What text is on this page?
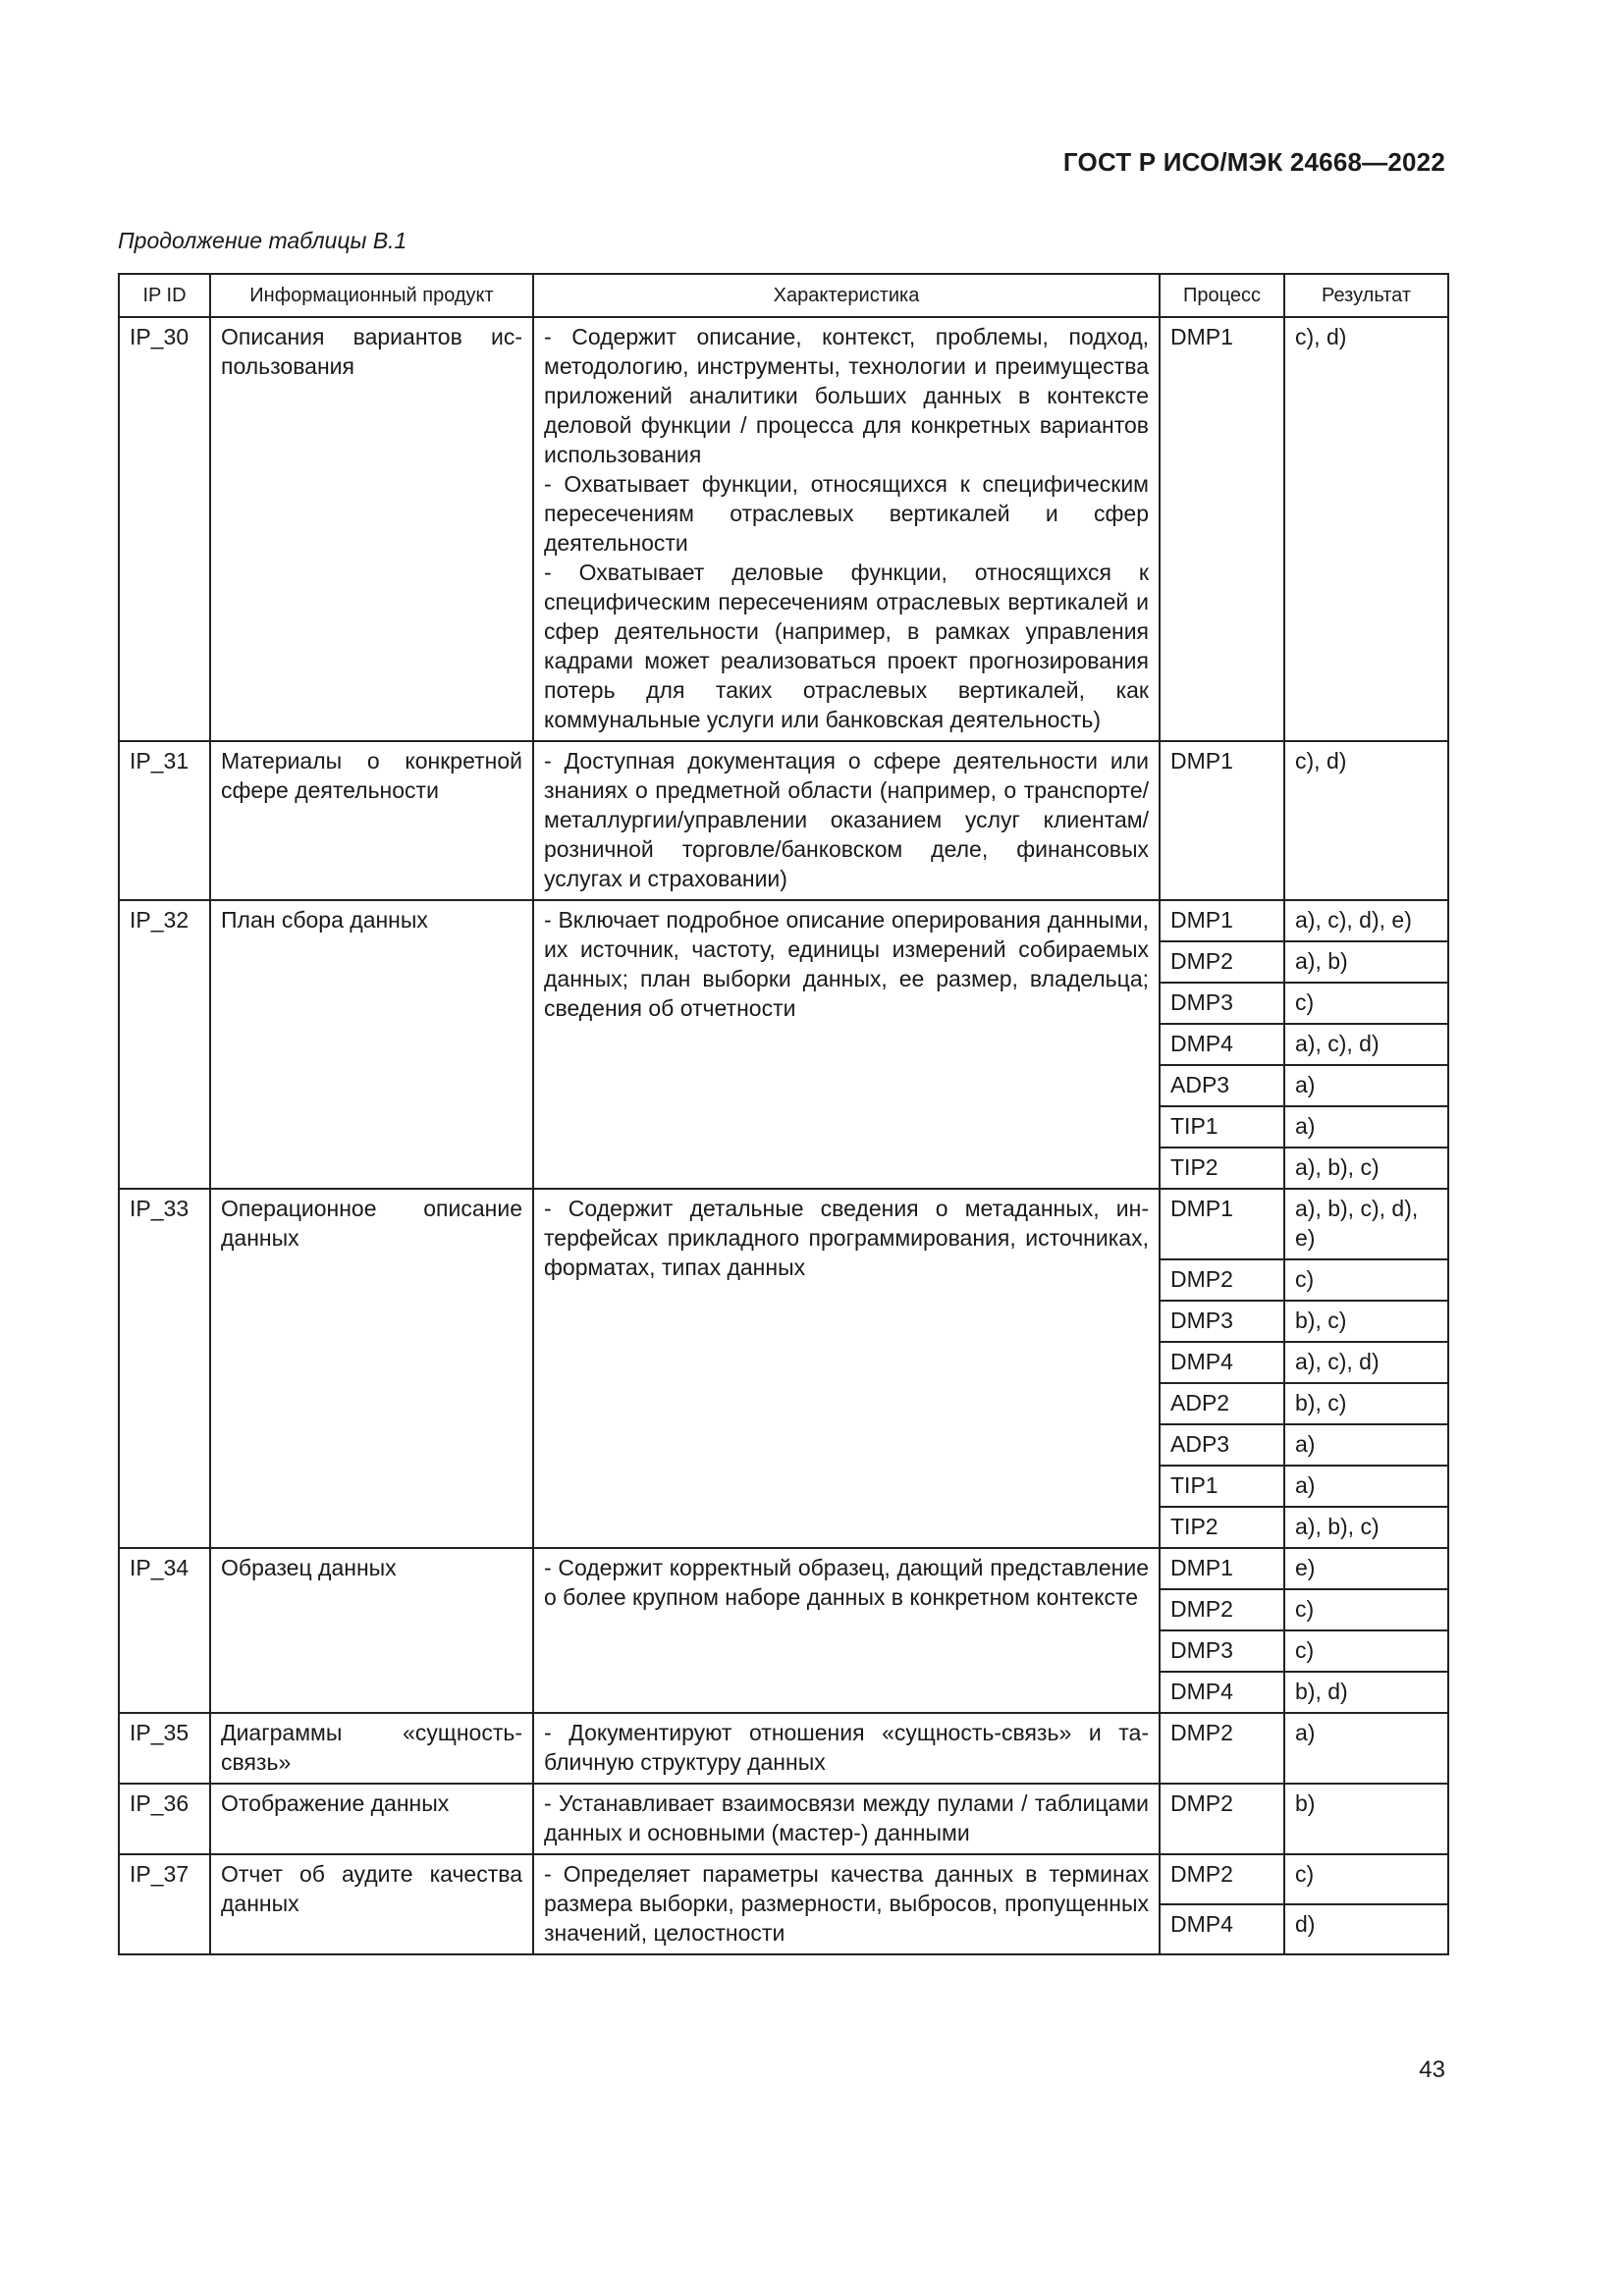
ГОСТ Р ИСО/МЭК 24668—2022
Продолжение таблицы B.1
IP ID	Информационный продукт	Характеристика	Процесс	Результат
IP_30	Описания вариантов использования	- Содержит описание, контекст, проблемы, подход, методологию, инструменты, технологии и преимущества приложений аналитики больших данных в контексте деловой функции / процесса для конкретных вариантов использования
- Охватывает функции, относящихся к специфическим пересечениям отраслевых вертикалей и сфер деятельности
- Охватывает деловые функции, относящихся к специфическим пересечениям отраслевых вертикалей и сфер деятельности (например, в рамках управления кадрами может реализоваться проект прогнозирования потерь для таких отраслевых вертикалей, как коммунальные услуги или банковская деятельность)	DMP1	c), d)
IP_31	Материалы о конкретной сфере деятельности	- Доступная документация о сфере деятельности или знаниях о предметной области (например, о транспорте/металлургии/управлении оказанием услуг клиентам/розничной торговле/банковском деле, финансовых услугах и страховании)	DMP1	c), d)
IP_32	План сбора данных	- Включает подробное описание оперирования данными, их источник, частоту, единицы измерений собираемых данных; план выборки данных, ее размер, владельца; сведения об отчетности	DMP1	a), c), d), e)
			DMP2	a), b)
			DMP3	c)
			DMP4	a), c), d)
			ADP3	a)
			TIP1	a)
			TIP2	a), b), c)
IP_33	Операционное описание данных	- Содержит детальные сведения о метаданных, интерфейсах прикладного программирования, источниках, форматах, типах данных	DMP1	a), b), c), d), e)
			DMP2	c)
			DMP3	b), c)
			DMP4	a), c), d)
			ADP2	b), c)
			ADP3	a)
			TIP1	a)
			TIP2	a), b), c)
IP_34	Образец данных	- Содержит корректный образец, дающий представление о более крупном наборе данных в конкретном контексте	DMP1	e)
			DMP2	c)
			DMP3	c)
			DMP4	b), d)
IP_35	Диаграммы «сущность-связь»	- Документируют отношения «сущность-связь» и табличную структуру данных	DMP2	a)
IP_36	Отображение данных	- Устанавливает взаимосвязи между пулами / таблицами данных и основными (мастер-) данными	DMP2	b)
IP_37	Отчет об аудите качества данных	- Определяет параметры качества данных в терминах размера выборки, размерности, выбросов, пропущенных значений, целостности	DMP2	c)
			DMP4	d)
43
